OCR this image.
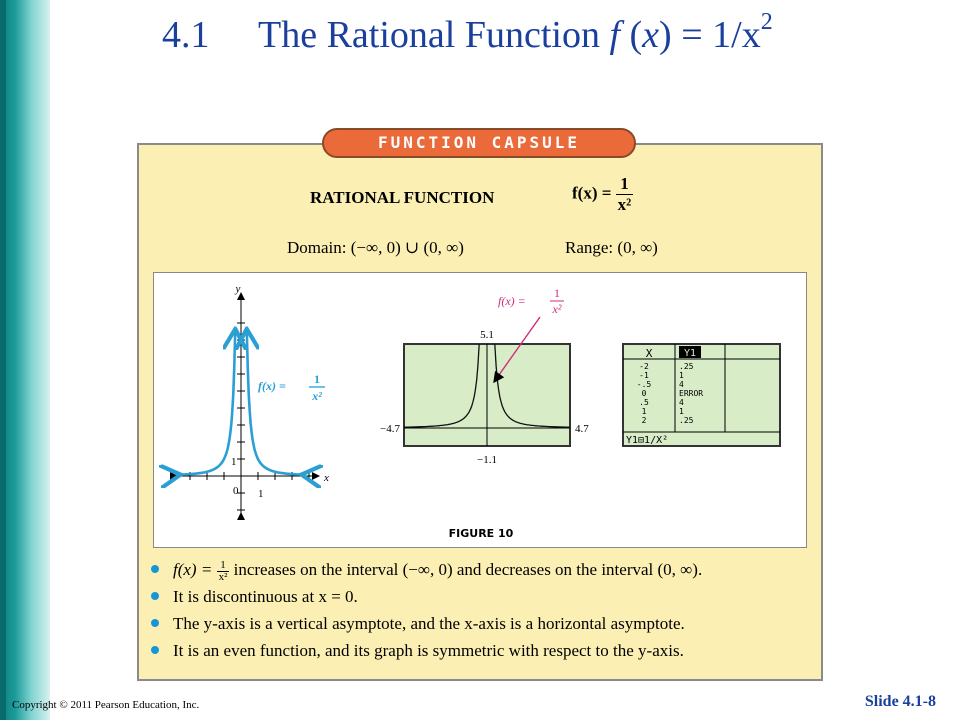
4.1 The Rational Function f $(x) = 1/x^2$
FUNCTION CAPSULE
RATIONAL FUNCTION	$f(x) = \frac{1}{\text{x²}}$
Domain: (−∞, 0) ∪ (0, ∞)	Range: (0, ∞)
y
x
0 1
1
f(x) = 1
x²
5.1
−1.1
−4.7	4.7
f(x) =
1
x²
X	Y1
-2	.25
-1	1
-.5	4
0	ERROR
.5	4
1	1
2	.25
Y1⊟1/X²
FIGURE 10
$f(x) = \frac{1}{\text{x²}}$ increases on the interval (−∞, 0) and decreases on the interval (0, ∞).
It is discontinuous at x = 0.
The y-axis is a vertical asymptote, and the x-axis is a horizontal asymptote.
It is an even function, and its graph is symmetric with respect to the y-axis.
Copyright © 2011 Pearson Education, Inc.	Slide 4.1-8
